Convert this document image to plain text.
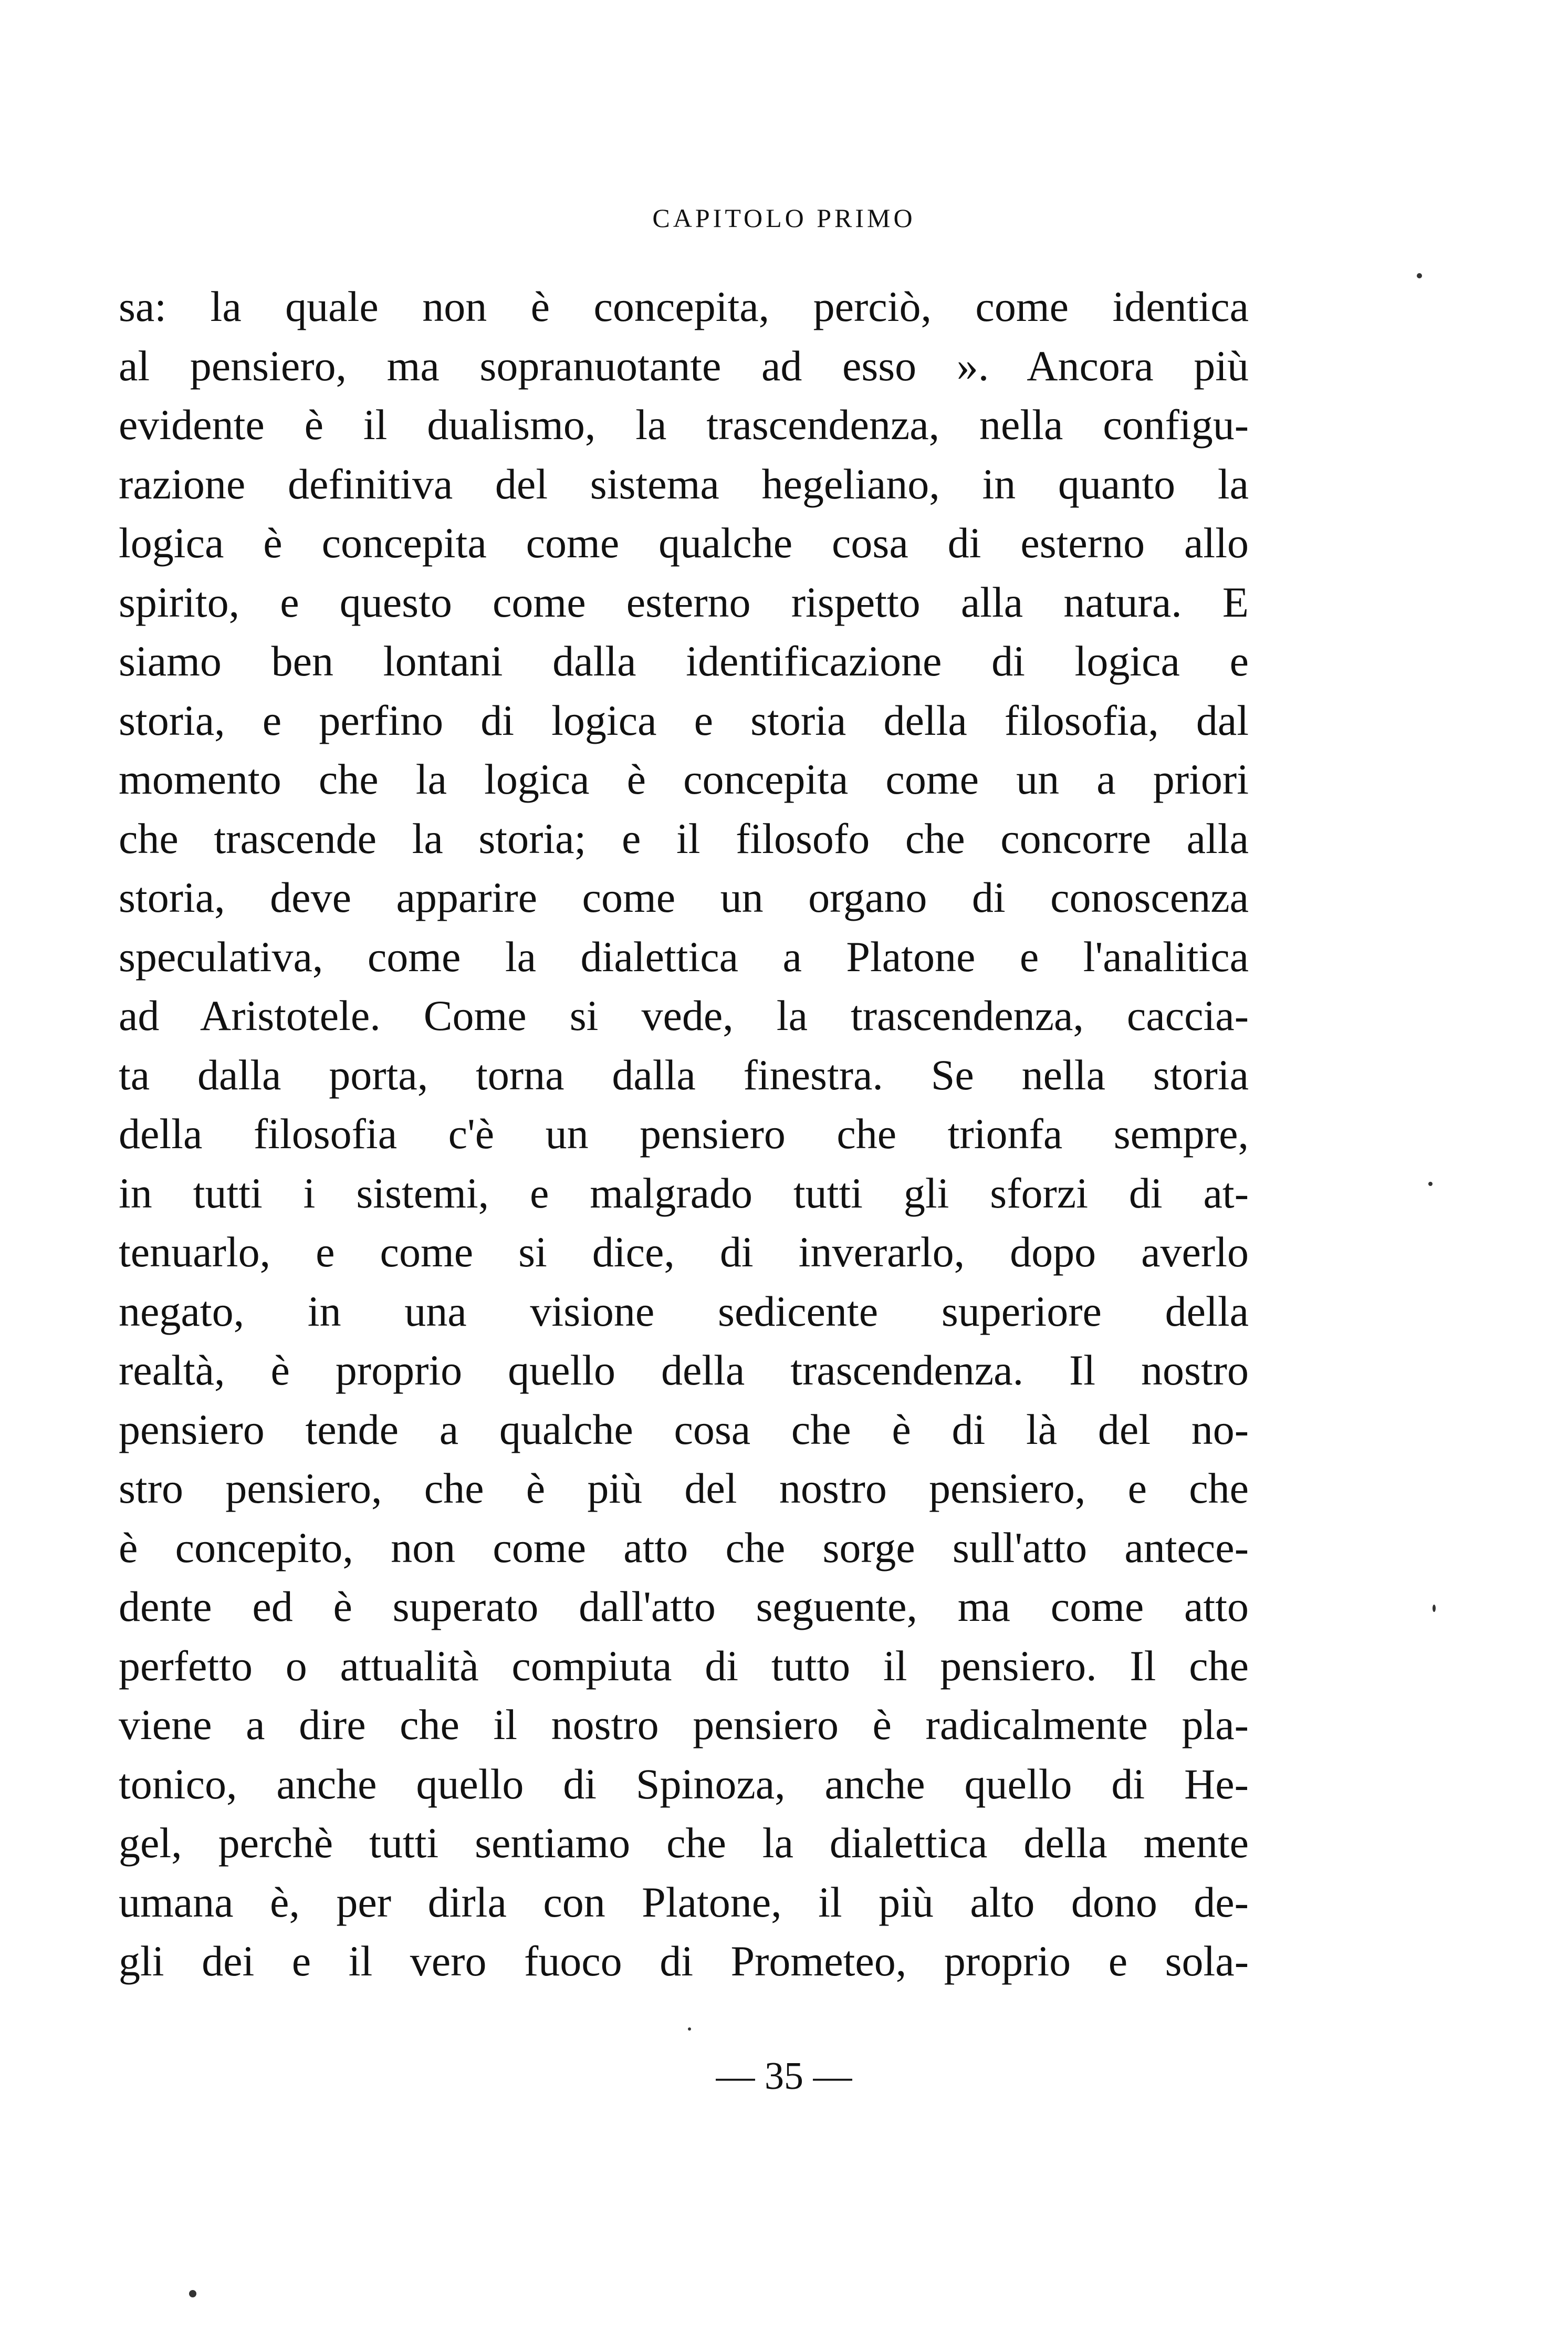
CAPITOLO PRIMO
sa: la quale non è concepita, perciò, come identica
al pensiero, ma sopranuotante ad esso ». Ancora più
evidente è il dualismo, la trascendenza, nella configu-
razione definitiva del sistema hegeliano, in quanto la
logica è concepita come qualche cosa di esterno allo
spirito, e questo come esterno rispetto alla natura. E
siamo ben lontani dalla identificazione di logica e
storia, e perfino di logica e storia della filosofia, dal
momento che la logica è concepita come un a priori
che trascende la storia; e il filosofo che concorre alla
storia, deve apparire come un organo di conoscenza
speculativa, come la dialettica a Platone e l'analitica
ad Aristotele. Come si vede, la trascendenza, caccia-
ta dalla porta, torna dalla finestra. Se nella storia
della filosofia c'è un pensiero che trionfa sempre,
in tutti i sistemi, e malgrado tutti gli sforzi di at-
tenuarlo, e come si dice, di inverarlo, dopo averlo
negato, in una visione sedicente superiore della
realtà, è proprio quello della trascendenza. Il nostro
pensiero tende a qualche cosa che è di là del no-
stro pensiero, che è più del nostro pensiero, e che
è concepito, non come atto che sorge sull'atto antece-
dente ed è superato dall'atto seguente, ma come atto
perfetto o attualità compiuta di tutto il pensiero. Il che
viene a dire che il nostro pensiero è radicalmente pla-
tonico, anche quello di Spinoza, anche quello di He-
gel, perchè tutti sentiamo che la dialettica della mente
umana è, per dirla con Platone, il più alto dono de-
gli dei e il vero fuoco di Prometeo, proprio e sola-
— 35 —
